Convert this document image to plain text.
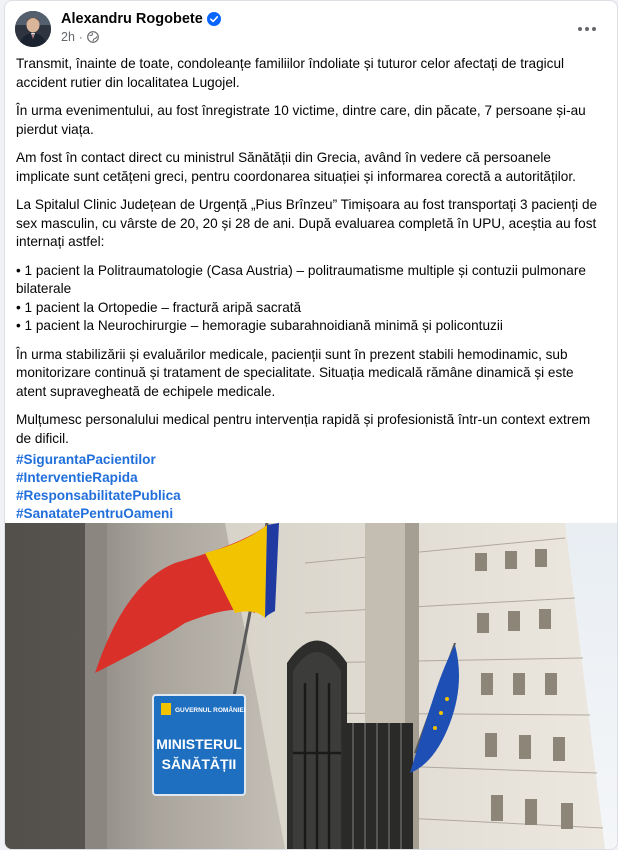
Alexandru Rogobete
2h ·

Transmit, înainte de toate, condoleanțe familiilor îndoliate și tuturor celor afectați de tragicul accident rutier din localitatea Lugojel.

În urma evenimentului, au fost înregistrate 10 victime, dintre care, din păcate, 7 persoane și-au pierdut viața.

Am fost în contact direct cu ministrul Sănătății din Grecia, având în vedere că persoanele implicate sunt cetățeni greci, pentru coordonarea situației și informarea corectă a autorităților.

La Spitalul Clinic Județean de Urgență „Pius Brînzeu” Timișoara au fost transportați 3 pacienți de sex masculin, cu vârste de 20, 20 și 28 de ani. După evaluarea completă în UPU, aceștia au fost internați astfel:

• 1 pacient la Politraumatologie (Casa Austria) – politraumatisme multiple și contuzii pulmonare bilaterale
• 1 pacient la Ortopedie – fractură aripă sacrată
• 1 pacient la Neurochirurgie – hemoragie subarahnoidiană minimă și policontuzii

În urma stabilizării și evaluărilor medicale, pacienții sunt în prezent stabili hemodinamic, sub monitorizare continuă și tratament de specialitate. Situația medicală rămâne dinamică și este atent supravegheată de echipele medicale.

Mulțumesc personalului medical pentru intervenția rapidă și profesionistă într-un context extrem de dificil.

#SigurantaPacientilor
#InterventieRapida
#ResponsabilitatePublica
#SanatatePentruOameni
GUVERNUL ROMÂNIEI
MINISTERUL
SĂNĂTĂȚII
